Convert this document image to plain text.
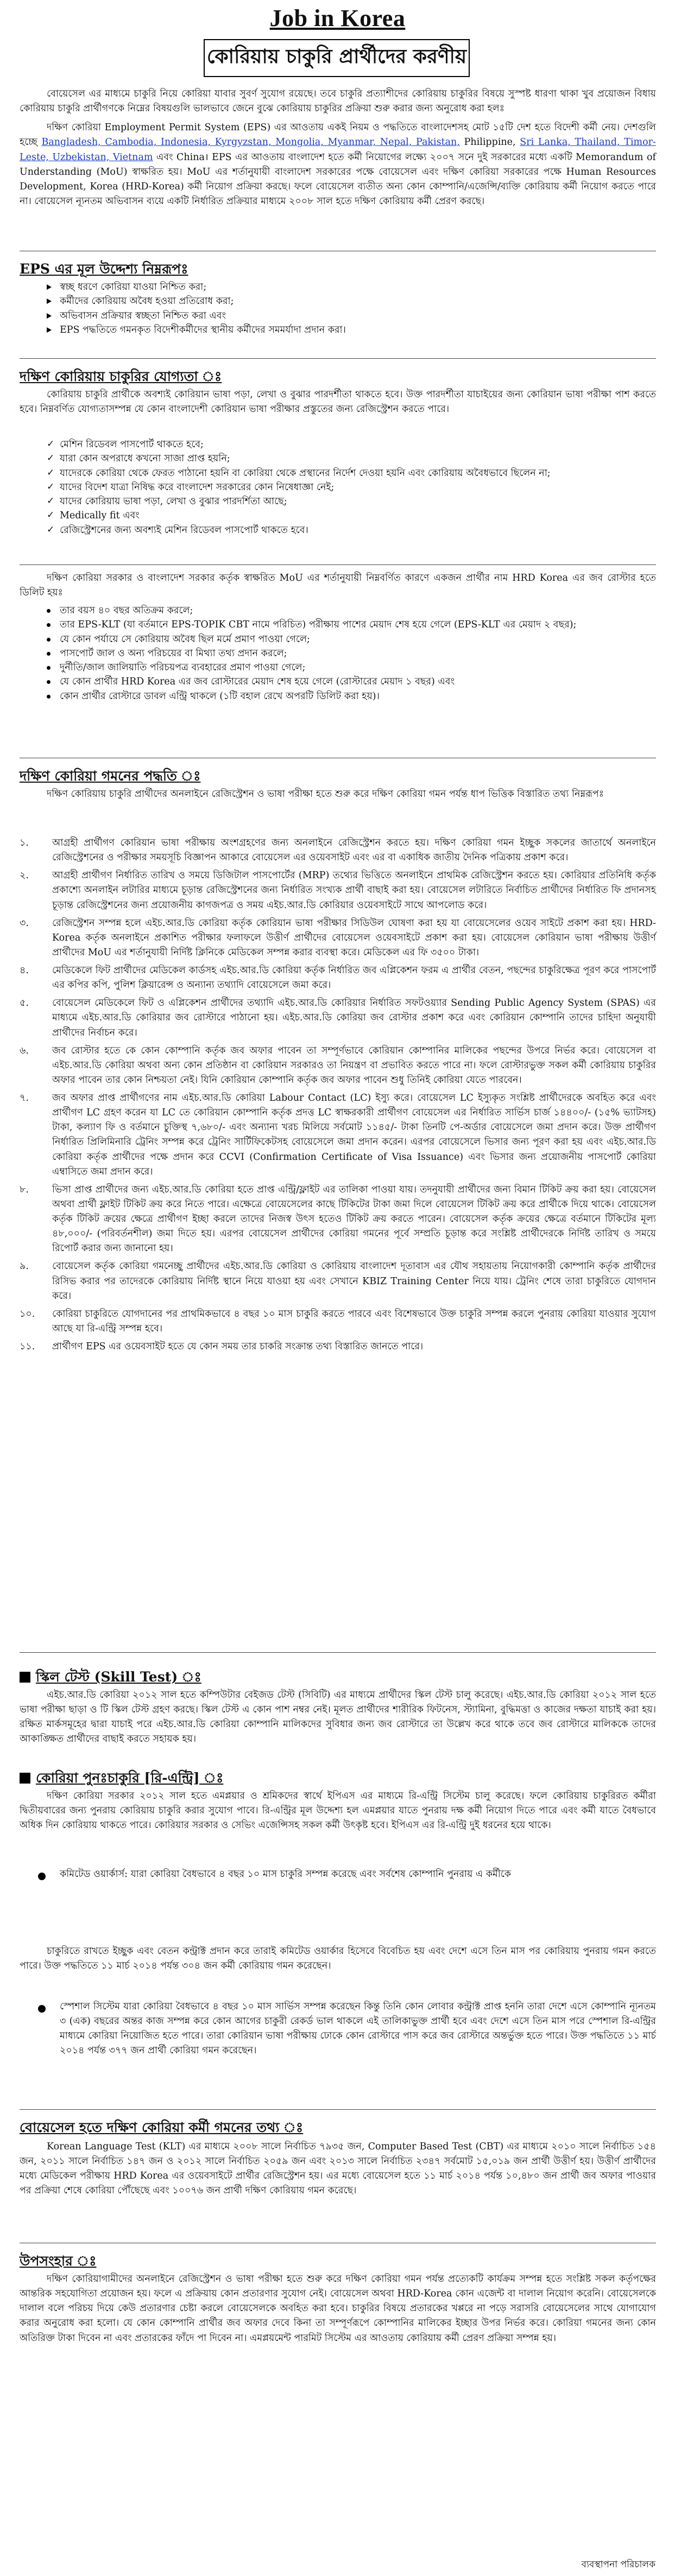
Job in Korea
কোরিয়ায় চাকুরি প্রার্থীদের করণীয়

বোয়েসেল এর মাধ্যমে চাকুরি নিয়ে কোরিয়া যাবার সুবর্ণ সুযোগ রয়েছে। তবে চাকুরি প্রত্যাশীদের কোরিয়ায় চাকুরির বিষয়ে সুস্পষ্ট ধারণা থাকা খুব প্রয়োজন বিধায় কোরিয়ায় চাকুরি প্রার্থীগণকে নিম্নের বিষয়গুলি ভালভাবে জেনে বুঝে কোরিয়ায় চাকুরির প্রক্রিয়া শুরু করার জন্য অনুরোধ করা হলঃ

দক্ষিণ কোরিয়া Employment Permit System (EPS) এর আওতায় একই নিয়ম ও পদ্ধতিতে বাংলাদেশসহ মোট ১৫টি দেশ হতে বিদেশী কর্মী নেয়। দেশগুলি হচ্ছে Bangladesh, Cambodia, Indonesia, Kyrgyzstan, Mongolia, Myanmar, Nepal, Pakistan, Philippine, Sri Lanka, Thailand, Timor-Leste, Uzbekistan, Vietnam এবং China। EPS এর আওতায় বাংলাদেশ হতে কর্মী নিয়োগের লক্ষ্যে ২০০৭ সনে দুই সরকারের মধ্যে একটি Memorandum of Understanding (MoU) স্বাক্ষরিত হয়। MoU এর শর্তানুযায়ী বাংলাদেশ সরকারের পক্ষে বোয়েসেল এবং দক্ষিণ কোরিয়া সরকারের পক্ষে Human Resources Development, Korea (HRD-Korea) কর্মী নিয়োগ প্রক্রিয়া করছে। ফলে বোয়েসেল ব্যতীত অন্য কোন কোম্পানি/এজেন্সি/ব্যক্তি কোরিয়ায় কর্মী নিয়োগ করতে পারে না। বোয়েসেল ন্যূনতম অভিবাসন ব্যয়ে একটি নির্ধারিত প্রক্রিয়ার মাধ্যমে ২০০৮ সাল হতে দক্ষিণ কোরিয়ায় কর্মী প্রেরণ করছে।

EPS এর মূল উদ্দেশ্য নিম্নরূপঃ
স্বচ্ছ ধরণে কোরিয়া যাওয়া নিশ্চিত করা;
কর্মীদের কোরিয়ায় অবৈধ হওয়া প্রতিরোধ করা;
অভিবাসন প্রক্রিয়ার স্বচ্ছতা নিশ্চিত করা এবং
EPS পদ্ধতিতে গমনকৃত বিদেশীকর্মীদের স্থানীয় কর্মীদের সমমর্যাদা প্রদান করা।
দক্ষিণ কোরিয়ায় চাকুরির যোগ্যতা ঃ

কোরিয়ায় চাকুরি প্রার্থীকে অবশ্যই কোরিয়ান ভাষা পড়া, লেখা ও বুঝার পারদর্শীতা থাকতে হবে। উক্ত পারদর্শীতা যাচাইয়ের জন্য কোরিয়ান ভাষা পরীক্ষা পাশ করতে হবে। নিম্নবর্ণিত যোগ্যতাসম্পন্ন যে কোন বাংলাদেশী কোরিয়ান ভাষা পরীক্ষার প্রস্তুতের জন্য রেজিস্ট্রেশন করতে পারে।

✓ মেশিন রিডেবল পাসপোর্ট থাকতে হবে;
✓ যারা কোন অপরাধে কখনো সাজা প্রাপ্ত হয়নি;
✓ যাদেরকে কোরিয়া থেকে ফেরত পাঠানো হয়নি বা কোরিয়া থেকে প্রস্থানের নির্দেশ দেওয়া হয়নি এবং কোরিয়ায় অবৈধভাবে ছিলেন না;
✓ যাদের বিদেশ যাত্রা নিষিদ্ধ করে বাংলাদেশ সরকারের কোন নিষেধাজ্ঞা নেই;
✓ যাদের কোরিয়ায় ভাষা পড়া, লেখা ও বুঝার পারদর্শিতা আছে;
✓ Medically fit এবং
✓ রেজিস্ট্রেশনের জন্য অবশ্যই মেশিন রিডেবল পাসপোর্ট থাকতে হবে।

দক্ষিণ কোরিয়া সরকার ও বাংলাদেশ সরকার কর্তৃক স্বাক্ষরিত MoU এর শর্তানুযায়ী নিম্নবর্ণিত কারণে একজন প্রার্থীর নাম HRD Korea এর জব রোস্টার হতে ডিলিট হয়ঃ

তার বয়স ৪০ বছর অতিক্রম করলে;
তার EPS-KLT (যা বর্তমানে EPS-TOPIK CBT নামে পরিচিত) পরীক্ষায় পাশের মেয়াদ শেষ হয়ে গেলে (EPS-KLT এর মেয়াদ ২ বছর);
যে কোন পর্যায়ে সে কোরিয়ায় অবৈধ ছিল মর্মে প্রমাণ পাওয়া গেলে;
পাসপোর্ট জাল ও অন্য পরিচয়ের বা মিথ্যা তথ্য প্রদান করলে;
দুর্নীতি/জাল জালিয়াতি পরিচয়পত্র ব্যবহারের প্রমাণ পাওয়া গেলে;
যে কোন প্রার্থীর HRD Korea এর জব রোস্টারের মেয়াদ শেষ হয়ে গেলে (রোস্টারের মেয়াদ ১ বছর) এবং
কোন প্রার্থীর রোস্টারে ডাবল এন্ট্রি থাকলে (১টি বহাল রেখে অপরটি ডিলিট করা হয়)।
দক্ষিণ কোরিয়া গমনের পদ্ধতি ঃ

দক্ষিণ কোরিয়ায় চাকুরি প্রার্থীদের অনলাইনে রেজিস্ট্রেশন ও ভাষা পরীক্ষা হতে শুরু করে দক্ষিণ কোরিয়া গমন পর্যন্ত ধাপ ভিত্তিক বিস্তারিত তথ্য নিম্নরূপঃ

১.	আগ্রহী প্রার্থীগণ কোরিয়ান ভাষা পরীক্ষায় অংশগ্রহণের জন্য অনলাইনে রেজিস্ট্রেশন করতে হয়। দক্ষিণ কোরিয়া গমন ইচ্ছুক সকলের জাতার্থে অনলাইনে রেজিস্ট্রেশনের ও পরীক্ষার সময়সূচি বিজ্ঞাপন আকারে বোয়েসেল এর ওয়েবসাইট এবং এর বা একাধিক জাতীয় দৈনিক পত্রিকায় প্রকাশ করে।
২.	আগ্রহী প্রার্থীগণ নির্ধারিত তারিখ ও সময়ে ডিজিটাল পাসপোর্টের (MRP) তথ্যের ভিত্তিতে অনলাইনে প্রাথমিক রেজিস্ট্রেশন করতে হয়। কোরিয়ার প্রতিনিধি কর্তৃক প্রকাশ্যে অনলাইন লটারির মাধ্যমে চূড়ান্ত রেজিস্ট্রেশনের জন্য নির্ধারিত সংখ্যক প্রার্থী বাছাই করা হয়। বোয়েসেল লটারিতে নির্বাচিত প্রার্থীদের নির্ধারিত ফি প্রদানসহ চূড়ান্ত রেজিস্ট্রেশনের জন্য প্রয়োজনীয় কাগজপত্র ও সময় এইচ.আর.ডি কোরিয়ার ওয়েবসাইটে সাথে আপলোড করে।
৩.	রেজিস্ট্রেশন সম্পন্ন হলে এইচ.আর.ডি কোরিয়া কর্তৃক কোরিয়ান ভাষা পরীক্ষার সিডিউল ঘোষণা করা হয় যা বোয়েসেলের ওয়েব সাইটে প্রকাশ করা হয়। HRD-Korea কর্তৃক অনলাইনে প্রকাশিত পরীক্ষার ফলাফলে উত্তীর্ণ প্রার্থীদের বোয়েসেল ওয়েবসাইটে প্রকাশ করা হয়। বোয়েসেল কোরিয়ান ভাষা পরীক্ষায় উত্তীর্ণ প্রার্থীদের MoU এর শর্তানুযায়ী নির্দিষ্ট ক্লিনিকে মেডিকেল সম্পন্ন করার ব্যবস্থা করে। মেডিকেল এর ফি ৩৫০০ টাকা।
৪.	মেডিকেলে ফিট প্রার্থীদের মেডিকেল কার্ডসহ এইচ.আর.ডি কোরিয়া কর্তৃক নির্ধারিত জব এপ্লিকেশন ফরম এ প্রার্থীর বেতন, পছন্দের চাকুরিক্ষেত্র পূরণ করে পাসপোর্ট এর কপির কপি, পুলিশ ক্লিয়ারেন্স ও অন্যান্য তথ্যাদি বোয়েসেলে জমা করে।
৫.	বোয়েসেল মেডিকেলে ফিট ও এপ্লিকেশন প্রার্থীদের তথ্যাদি এইচ.আর.ডি কোরিয়ার নির্ধারিত সফটওয়্যার Sending Public Agency System (SPAS) এর মাধ্যমে এইচ.আর.ডি কোরিয়ার জব রোস্টারে পাঠানো হয়। এইচ.আর.ডি কোরিয়া জব রোস্টার প্রকাশ করে এবং কোরিয়ান কোম্পানি তাদের চাহিদা অনুযায়ী প্রার্থীদের নির্বাচন করে।
৬.	জব রোস্টার হতে কে কোন কোম্পানি কর্তৃক জব অফার পাবেন তা সম্পূর্ণভাবে কোরিয়ান কোম্পানির মালিকের পছন্দের উপরে নির্ভর করে। বোয়েসেল বা এইচ.আর.ডি কোরিয়া অথবা অন্য কোন প্রতিষ্ঠান বা কোরিয়ান সরকারও তা নিয়ন্ত্রণ বা প্রভাবিত করতে পারে না। ফলে রোস্টারভুক্ত সকল কর্মী কোরিয়ায় চাকুরির অফার পাবেন তার কোন নিশ্চয়তা নেই। যিনি কোরিয়ান কোম্পানি কর্তৃক জব অফার পাবেন শুধু তিনিই কোরিয়া যেতে পারবেন।
৭.	জব অফার প্রাপ্ত প্রার্থীগণের নাম এইচ.আর.ডি কোরিয়া Labour Contact (LC) ইস্যু করে। বোয়েসেল LC ইস্যুকৃত সংশ্লিষ্ট প্রার্থীদেরকে অবহিত করে এবং প্রার্থীগণ LC গ্রহণ করেন যা LC তে কোরিয়ান কোম্পানি কর্তৃক প্রদত্ত LC স্বাক্ষরকারী প্রার্থীগণ বোয়েসেল এর নির্ধারিত সার্ভিস চার্জ ১৪৪০০/- (১৫% ভ্যাটসহ) টাকা, কল্যাণ ফি ও বর্তমানে চুক্তিস্থ ৭,৬৮০/- এবং অন্যান্য খরচ মিলিয়ে সর্বমোট ১১৪৫/- টাকা তিনটি পে-অর্ডার বোয়েসেলে জমা প্রদান করে। উক্ত প্রার্থীগণ নির্ধারিত প্রিলিমিনারি ট্রেনিং সম্পন্ন করে ট্রেনিং সার্টিফিকেটসহ বোয়েসেলে জমা প্রদান করেন। এরপর বোয়েসেলে ভিসার জন্য পূরণ করা হয় এবং এইচ.আর.ডি কোরিয়া কর্তৃক প্রার্থীদের পক্ষে প্রদান করে CCVI (Confirmation Certificate of Visa Issuance) এবং ভিসার জন্য প্রয়োজনীয় পাসপোর্ট কোরিয়া এম্বাসিতে জমা প্রদান করে।
৮.	ভিসা প্রাপ্ত প্রার্থীদের জন্য এইচ.আর.ডি কোরিয়া হতে প্রাপ্ত এন্ট্রি/ফ্লাইট এর তালিকা পাওয়া যায়। তদনুযায়ী প্রার্থীদের জন্য বিমান টিকিট ক্রয় করা হয়। বোয়েসেল অথবা প্রার্থী ফ্লাইট টিকিট ক্রয় করে নিতে পারে। এক্ষেত্রে বোয়েসেলের কাছে টিকিটের টাকা জমা দিলে বোয়েসেল টিকিট ক্রয় করে প্রার্থীকে দিয়ে থাকে। বোয়েসেল কর্তৃক টিকিট ক্রয়ের ক্ষেত্রে প্রার্থীগণ ইচ্ছা করলে তাদের নিজস্ব উৎস হতেও টিকিট ক্রয় করতে পারেন। বোয়েসেল কর্তৃক ক্রয়ের ক্ষেত্রে বর্তমানে টিকিটের মূল্য ৪৮,০০০/- (পরিবর্তনশীল) জমা দিতে হয়। এরপর বোয়েসেল প্রার্থীদের কোরিয়া গমনের পূর্বে সম্প্রতি চূড়ান্ত করে সংশ্লিষ্ট প্রার্থীদেরকে নির্দিষ্ট তারিখ ও সময়ে রিপোর্ট করার জন্য জানানো হয়।
৯.	বোয়েসেল কর্তৃক কোরিয়া গমনেচ্ছু প্রার্থীদের এইচ.আর.ডি কোরিয়া ও কোরিয়ায় বাংলাদেশ দূতাবাস এর যৌথ সহায়তায় নিয়োগকারী কোম্পানি কর্তৃক প্রার্থীদের রিসিভ করার পর তাদেরকে কোরিয়ায় নির্দিষ্ট স্থানে নিয়ে যাওয়া হয় এবং সেখানে KBIZ Training Center নিয়ে যায়। ট্রেনিং শেষে তারা চাকুরিতে যোগদান করে।
১০.	কোরিয়া চাকুরিতে যোগদানের পর প্রাথমিকভাবে ৪ বছর ১০ মাস চাকুরি করতে পারবে এবং বিশেষভাবে উক্ত চাকুরি সম্পন্ন করলে পুনরায় কোরিয়া যাওয়ার সুযোগ আছে যা রি-এন্ট্রি সম্পন্ন হবে।
১১.	প্রার্থীগণ EPS এর ওয়েবসাইট হতে যে কোন সময় তার চাকরি সংক্রান্ত তথ্য বিস্তারিত জানতে পারে।
স্কিল টেস্ট (Skill Test) ঃ

এইচ.আর.ডি কোরিয়া ২০১২ সাল হতে কম্পিউটার বেইজড টেস্ট (সিবিটি) এর মাধ্যমে প্রার্থীদের স্কিল টেস্ট চালু করেছে। এইচ.আর.ডি কোরিয়া ২০১২ সাল হতে ভাষা পরীক্ষা ছাড়া ও টি স্কিল টেস্ট গ্রহণ করছে। স্কিল টেস্ট এ কোন পাশ নম্বর নেই। মূলত প্রার্থীদের শারীরিক ফিটনেস, স্ট্যামিনা, বুদ্ধিমত্তা ও কাজের দক্ষতা যাচাই করা হয়। রক্ষিত মার্কসমূহের দ্বারা যাচাই পরে এইচ.আর.ডি কোরিয়া কোম্পানি মালিকদের সুবিধার জন্য জব রোস্টারে তা উল্লেখ করে থাকে তবে জব রোস্টারে মালিককে তাদের আকাঙ্ক্ষিত প্রার্থীদের বাছাই করতে সহায়ক হয়।

কোরিয়া পুনঃচাকুরি [রি-এন্ট্রি] ঃ

দক্ষিণ কোরিয়া সরকার ২০১২ সাল হতে এমপ্লয়ার ও শ্রমিকদের স্বার্থে ইপিএস এর মাধ্যমে রি-এন্ট্রি সিস্টেম চালু করেছে। ফলে কোরিয়ায় চাকুরিরত কর্মীরা দ্বিতীয়বারের জন্য পুনরায় কোরিয়ায় চাকুরি করার সুযোগ পাবে। রি-এন্ট্রির মূল উদ্দেশ্য হল এমপ্লয়ার যাতে পুনরায় দক্ষ কর্মী নিয়োগ দিতে পারে এবং কর্মী যাতে বৈধভাবে অধিক দিন কোরিয়ায় থাকতে পারে। কোরিয়ার সরকার ও সেভিং এজেন্সিসহ সকল কর্মী উৎকৃষ্ট হবে। ইপিএস এর রি-এন্ট্রি দুই ধরনের হয়ে থাকে।

কমিটেড ওয়ার্কার্স: যারা কোরিয়া বৈধভাবে ৪ বছর ১০ মাস চাকুরি সম্পন্ন করেছে এবং সর্বশেষ কোম্পানি পুনরায় এ কর্মীকে

চাকুরিতে রাখতে ইচ্ছুক এবং বেতন কন্ট্রাক্ট প্রদান করে তারাই কমিটেড ওয়ার্কার হিসেবে বিবেচিত হয় এবং দেশে এসে তিন মাস পর কোরিয়ায় পুনরায় গমন করতে পারে। উক্ত পদ্ধতিতে ১১ মার্চ ২০১৪ পর্যন্ত ৩০৪ জন কর্মী কোরিয়ায় গমন করেছেন।

স্পেশাল সিস্টেম যারা কোরিয়া বৈধভাবে ৪ বছর ১০ মাস সার্ভিস সম্পন্ন করেছেন কিন্তু তিনি কোন লোবার কন্ট্রাক্ট প্রাপ্ত হননি তারা দেশে এসে কোম্পানি ন্যূনতম ৩ (এক) বছরের অন্তর কাজ সম্পন্ন করে কোন আগের চাকুরী রেকর্ড ভাল থাকলে এই তালিকাভুক্ত প্রার্থী হবে এবং দেশে এসে তিন মাস পরে স্পেশাল রি-এন্ট্রির মাধ্যমে কোরিয়া নিয়োজিত হতে পারে। তারা কোরিয়ান ভাষা পরীক্ষায় ঢোকে কোন রোস্টারে পাস করে জব রোস্টারে অন্তর্ভুক্ত হতে পারে। উক্ত পদ্ধতিতে ১১ মার্চ ২০১৪ পর্যন্ত ৩৭৭ জন প্রার্থী কোরিয়া গমন করেছেন।

বোয়েসেল হতে দক্ষিণ কোরিয়া কর্মী গমনের তথ্য ঃ

Korean Language Test (KLT) এর মাধ্যমে ২০০৮ সালে নির্বাচিত ৭৯৩৫ জন, Computer Based Test (CBT) এর মাধ্যমে ২০১০ সালে নির্বাচিত ১৫৪ জন, ২০১১ সালে নির্বাচিত ১৪৭ জন ও ২০১২ সালে নির্বাচিত ২০৫৯ জন এবং ২০১৩ সালে নির্বাচিত ২৩৪৭ সর্বমোট ১৫,০১৯ জন প্রার্থী উত্তীর্ণ হয়। উত্তীর্ণ প্রার্থীদের মধ্যে মেডিকেল পরীক্ষায় HRD Korea এর ওয়েবসাইটে প্রার্থীর রেজিস্ট্রেশন হয়। এর মধ্যে বোয়েসেল হতে ১১ মার্চ ২০১৪ পর্যন্ত ১০,৪৮০ জন প্রার্থী জব অফার পাওয়ার পর প্রক্রিয়া শেষে কোরিয়া পৌঁছেছে এবং ১০০৭৬ জন প্রার্থী দক্ষিণ কোরিয়ায় গমন করেছে।

উপসংহার ঃ

দক্ষিণ কোরিয়াগামীদের অনলাইনে রেজিস্ট্রেশন ও ভাষা পরীক্ষা হতে শুরু করে দক্ষিণ কোরিয়া গমন পর্যন্ত প্রত্যেকটি কার্যক্রম সম্পন্ন হতে সংশ্লিষ্ট সকল কর্তৃপক্ষের আন্তরিক সহযোগিতা প্রয়োজন হয়। ফলে এ প্রক্রিয়ায় কোন প্রতারণার সুযোগ নেই। বোয়েসেল অথবা HRD-Korea কোন এজেন্ট বা দালাল নিয়োগ করেনি। বোয়েসেলকে দালাল বলে পরিচয় দিয়ে কেউ প্রতারণার চেষ্টা করলে বোয়েসেলকে অবহিত করা হবে। চাকুরির বিষয়ে প্রতারকের খপ্পরে না পড়ে সরাসরি বোয়েসেলের সাথে যোগাযোগ করার অনুরোধ করা হলো। যে কোন কোম্পানি প্রার্থীর জব অফার দেবে কিনা তা সম্পূর্ণরূপে কোম্পানির মালিকের ইচ্ছার উপর নির্ভর করে। কোরিয়া গমনের জন্য কোন অতিরিক্ত টাকা দিবেন না এবং প্রতারকের ফাঁদে পা দিবেন না। এমপ্লয়মেন্ট পারমিট সিস্টেম এর আওতায় কোরিয়ায় কর্মী প্রেরণ প্রক্রিয়া সম্পন্ন হয়।

ব্যবস্থাপনা পরিচালক
